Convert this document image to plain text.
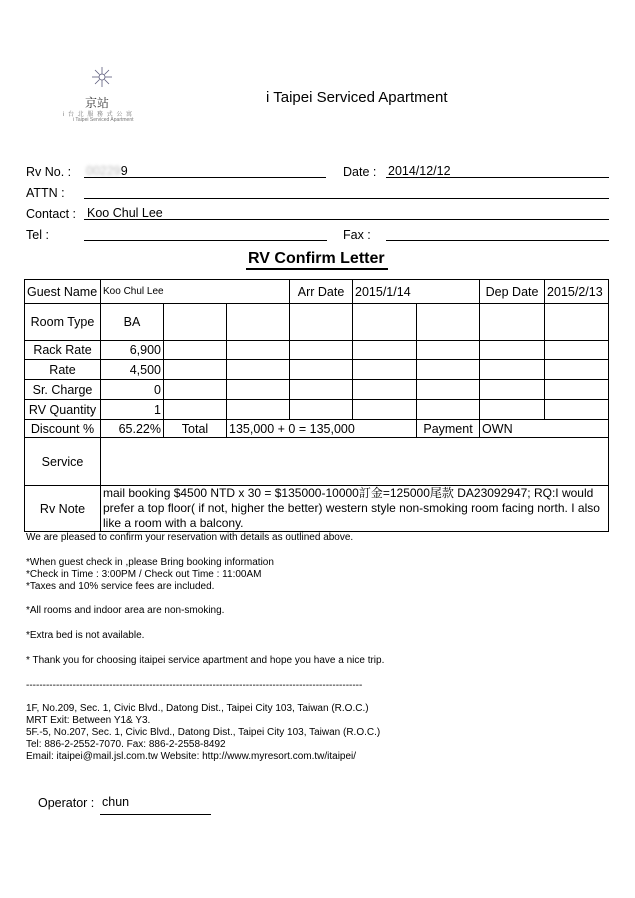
京站
i 台 北 服 務 式 公 寓
i Taipei Serviced Apartment
i Taipei Serviced Apartment
Rv No. : 002299	Date : 2014/12/12
ATTN :
Contact : Koo Chul Lee
Tel :	Fax :
RV Confirm Letter
Guest Name	Koo Chul Lee			Arr Date	2015/1/14		Dep Date	2015/2/13
Room Type	BA							
Rack Rate	6,900							
Rate	4,500							
Sr. Charge	0							
RV Quantity	1							
Discount %	65.22%	Total	135,000 + 0 = 135,000			Payment	OWN	
Service								
Rv Note	mail booking $4500 NTD x 30 = $135000-10000訂金=125000尾款 DA23092947; RQ:I would prefer a top floor( if not, higher the better) western style non-smoking room facing north. I also like a room with a balcony.							
We are pleased to confirm your reservation with details as outlined above.
*When guest check in ,please Bring booking information
*Check in Time : 3:00PM / Check out Time : 11:00AM
*Taxes and 10% service fees are included.
*All rooms and indoor area are non-smoking.
*Extra bed is not available.
* Thank you for choosing itaipei service apartment and hope you have a nice trip.
-----------------------------------------------------------------------------------------------------
1F, No.209, Sec. 1, Civic Blvd., Datong Dist., Taipei City 103, Taiwan (R.O.C.)
MRT Exit: Between Y1& Y3.
5F.-5, No.207, Sec. 1, Civic Blvd., Datong Dist., Taipei City 103, Taiwan (R.O.C.)
Tel: 886-2-2552-7070. Fax: 886-2-2558-8492
Email: itaipei@mail.jsl.com.tw Website: http://www.myresort.com.tw/itaipei/
Operator : chun
